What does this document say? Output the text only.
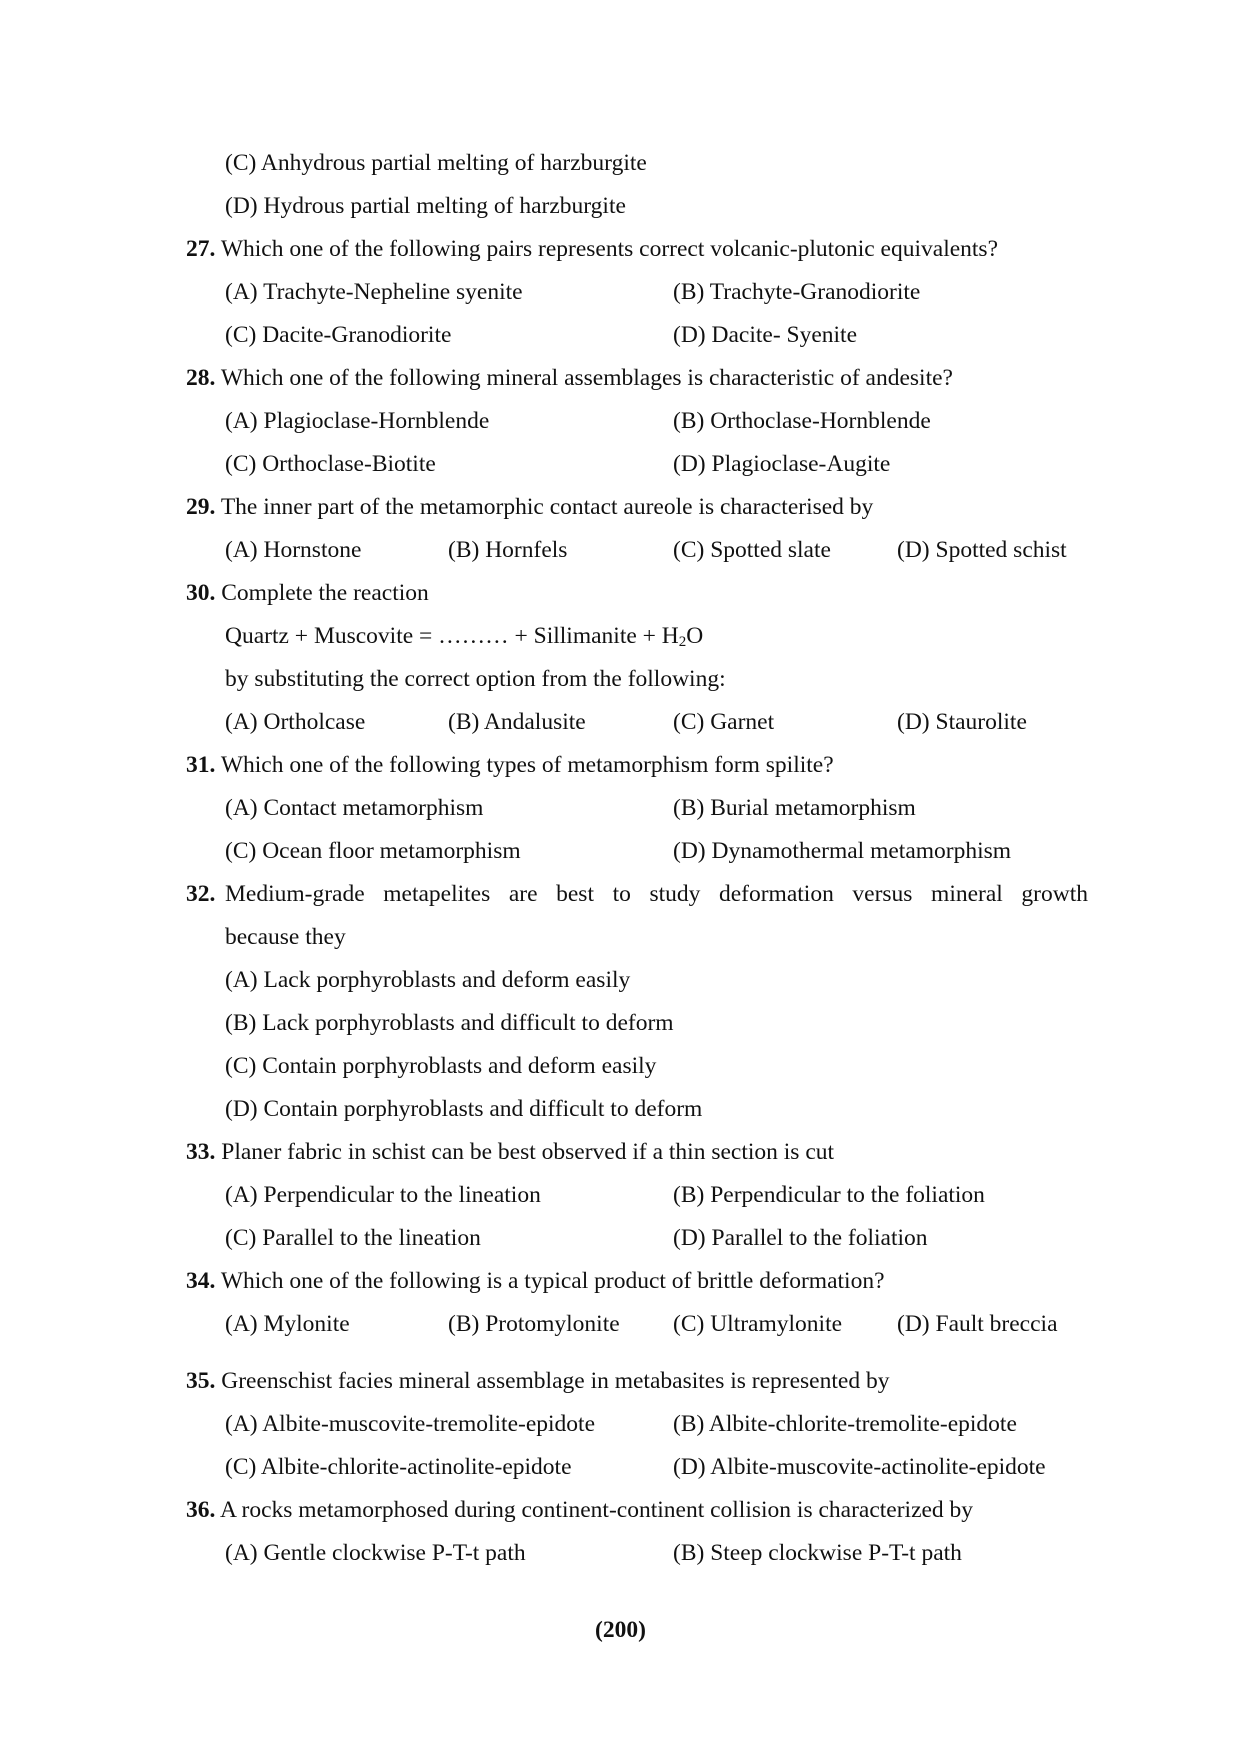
(C) Anhydrous partial melting of harzburgite
(D) Hydrous partial melting of harzburgite
27. Which one of the following pairs represents correct volcanic-plutonic equivalents?
(A) Trachyte-Nepheline syenite	(B) Trachyte-Granodiorite
(C) Dacite-Granodiorite	(D) Dacite- Syenite
28. Which one of the following mineral assemblages is characteristic of andesite?
(A) Plagioclase-Hornblende	(B) Orthoclase-Hornblende
(C) Orthoclase-Biotite	(D) Plagioclase-Augite
29. The inner part of the metamorphic contact aureole is characterised by
(A) Hornstone	(B) Hornfels	(C) Spotted slate	(D) Spotted schist
30. Complete the reaction
Quartz + Muscovite = ……… + Sillimanite + $H_2O$
by substituting the correct option from the following:
(A) Ortholcase	(B) Andalusite	(C) Garnet	(D) Staurolite
31. Which one of the following types of metamorphism form spilite?
(A) Contact metamorphism	(B) Burial metamorphism
(C) Ocean floor metamorphism	(D) Dynamothermal metamorphism
32. Medium-grade metapelites are best to study deformation versus mineral growth
because they
(A) Lack porphyroblasts and deform easily
(B) Lack porphyroblasts and difficult to deform
(C) Contain porphyroblasts and deform easily
(D) Contain porphyroblasts and difficult to deform
33. Planer fabric in schist can be best observed if a thin section is cut
(A) Perpendicular to the lineation	(B) Perpendicular to the foliation
(C) Parallel to the lineation	(D) Parallel to the foliation
34. Which one of the following is a typical product of brittle deformation?
(A) Mylonite	(B) Protomylonite (C) Ultramylonite (D) Fault breccia
35. Greenschist facies mineral assemblage in metabasites is represented by
(A) Albite-muscovite-tremolite-epidote	(B) Albite-chlorite-tremolite-epidote
(C) Albite-chlorite-actinolite-epidote	(D) Albite-muscovite-actinolite-epidote
36. A rocks metamorphosed during continent-continent collision is characterized by
(A) Gentle clockwise P-T-t path	(B) Steep clockwise P-T-t path
(200)
